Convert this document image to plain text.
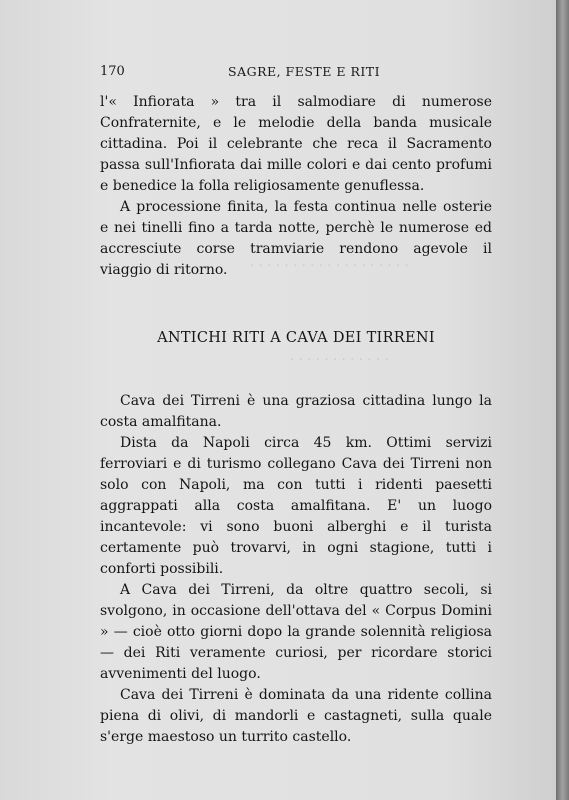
· · · · · · · · · · · · · · · · · · ·
· · · · · · · · · · · ·
170	SAGRE, FESTE E RITI

l'« Infiorata » tra il salmodiare di numerose Confraternite, e le melodie della banda musicale cittadina. Poi il celebrante che reca il Sacramento passa sull'Infiorata dai mille colori e dai cento profumi e benedice la folla religiosamente genuflessa.

A processione finita, la festa continua nelle osterie e nei tinelli fino a tarda notte, perchè le numerose ed accresciute corse tramviarie rendono agevole il viaggio di ritorno.

ANTICHI RITI A CAVA DEI TIRRENI

Cava dei Tirreni è una graziosa cittadina lungo la costa amalfitana.

Dista da Napoli circa 45 km. Ottimi servizi ferroviari e di turismo collegano Cava dei Tirreni non solo con Napoli, ma con tutti i ridenti paesetti aggrappati alla costa amalfitana. E' un luogo incantevole: vi sono buoni alberghi e il turista certamente può trovarvi, in ogni stagione, tutti i conforti possibili.

A Cava dei Tirreni, da oltre quattro secoli, si svolgono, in occasione dell'ottava del « Corpus Domini » — cioè otto giorni dopo la grande solennità religiosa — dei Riti veramente curiosi, per ricordare storici avvenimenti del luogo.

Cava dei Tirreni è dominata da una ridente collina piena di olivi, di mandorli e castagneti, sulla quale s'erge maestoso un turrito castello.
